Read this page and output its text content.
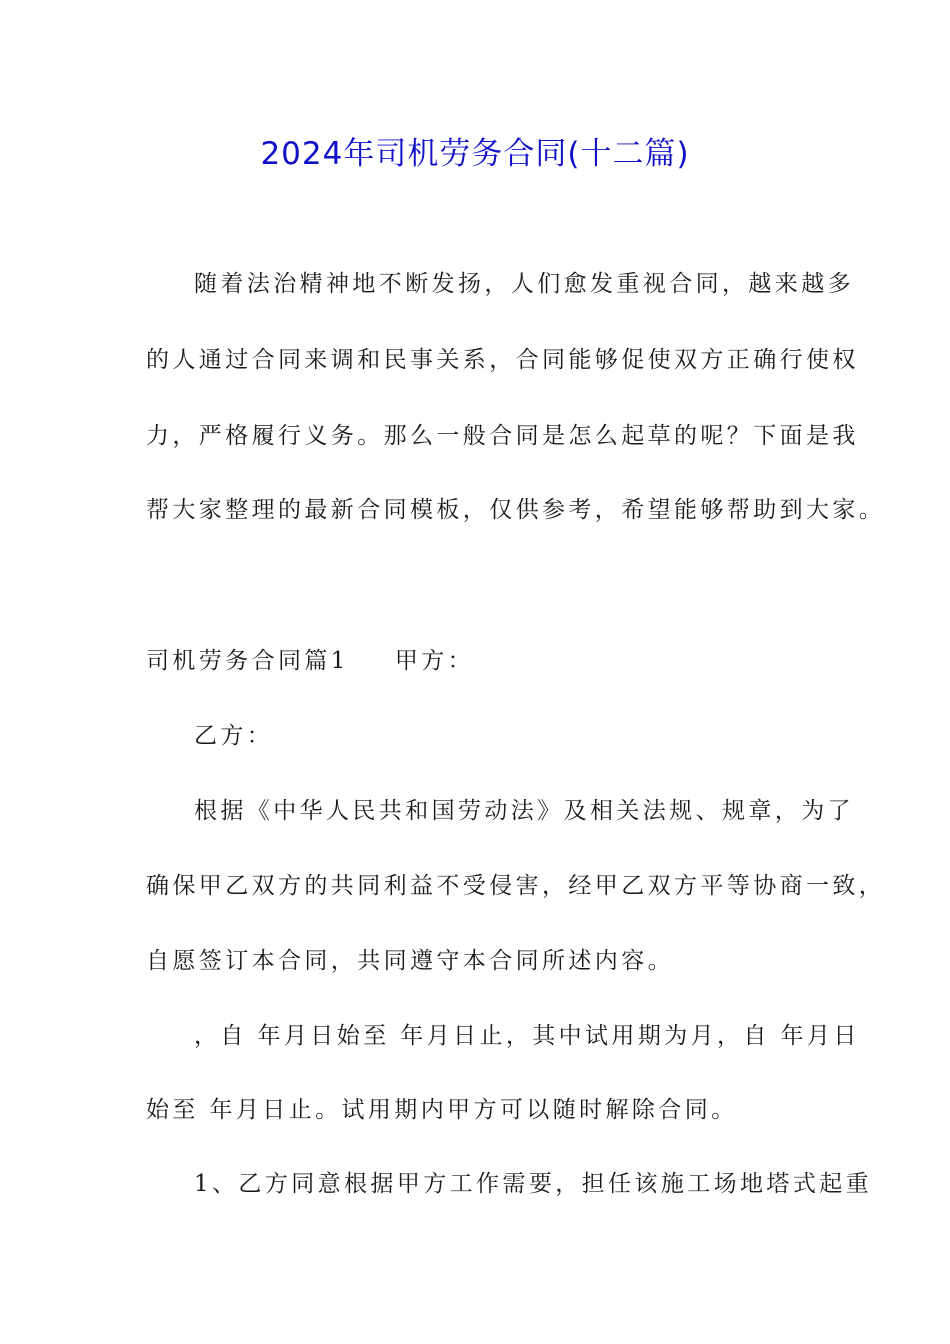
2024年司机劳务合同(十二篇)
随着法治精神地不断发扬，人们愈发重视合同，越来越多
的人通过合同来调和民事关系，合同能够促使双方正确行使权
力，严格履行义务。那么一般合同是怎么起草的呢？下面是我
帮大家整理的最新合同模板，仅供参考，希望能够帮助到大家。
司机劳务合同篇1 甲方：
乙方：
根据《中华人民共和国劳动法》及相关法规、规章，为了
确保甲乙双方的共同利益不受侵害，经甲乙双方平等协商一致，
自愿签订本合同，共同遵守本合同所述内容。
，自 年月日始至 年月日止，其中试用期为月，自 年月日
始至 年月日止。试用期内甲方可以随时解除合同。
1、乙方同意根据甲方工作需要，担任该施工场地塔式起重
